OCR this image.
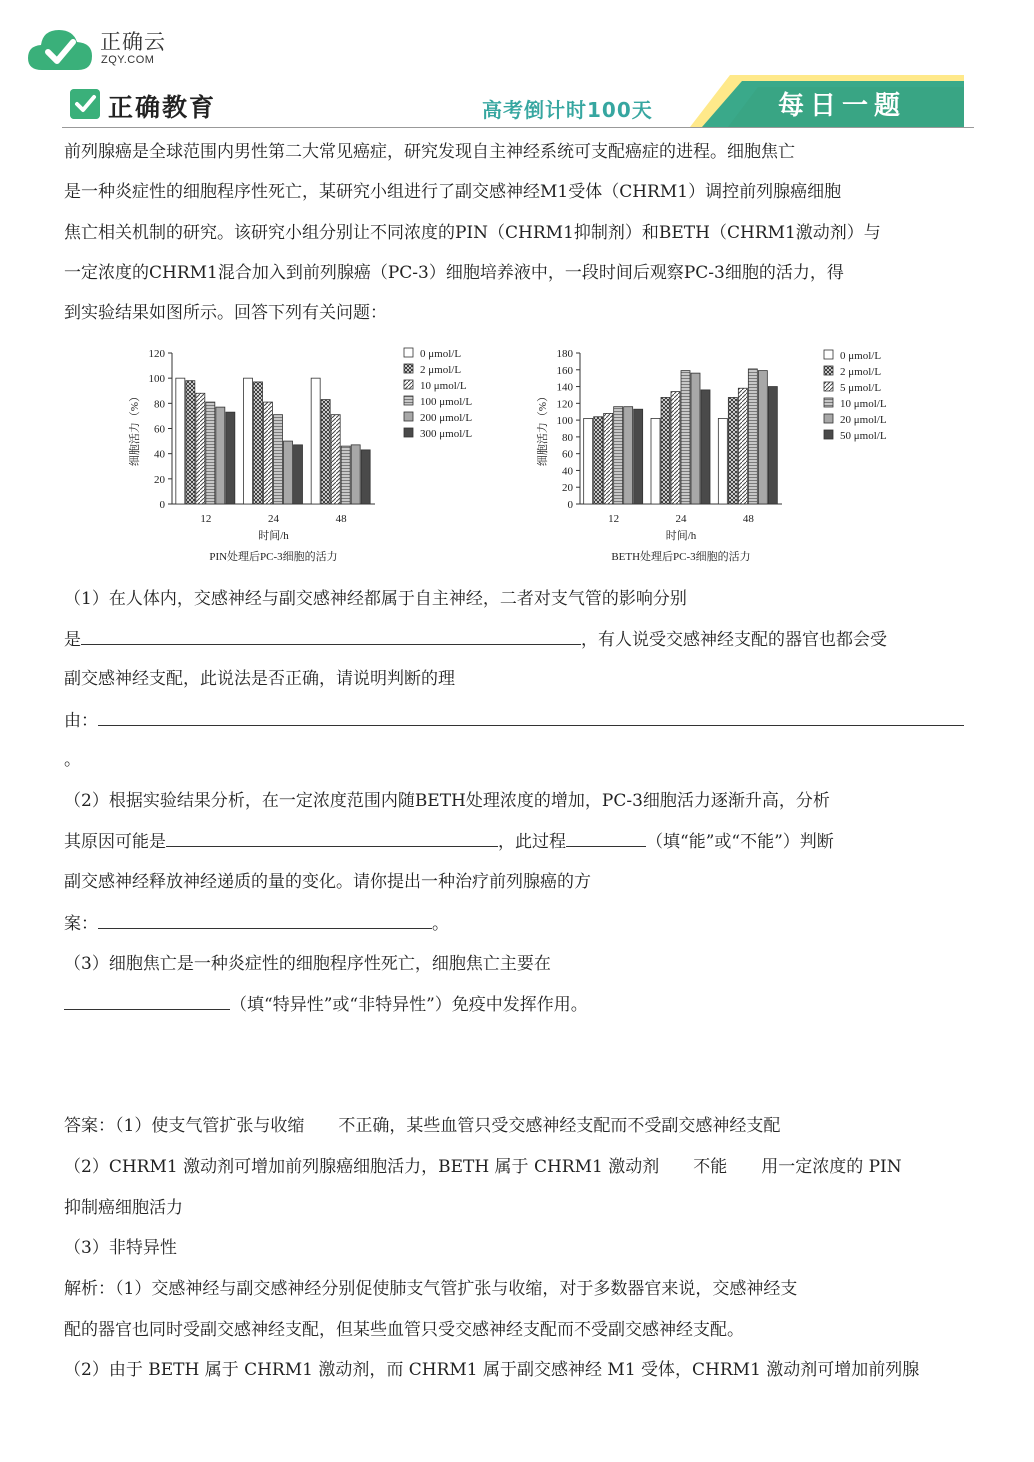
正确云
ZQY.COM
正确教育	高考倒计时100天	每日一题
前列腺癌是全球范围内男性第二大常见癌症，研究发现自主神经系统可支配癌症的进程。细胞焦亡
是一种炎症性的细胞程序性死亡，某研究小组进行了副交感神经M1受体（CHRM1）调控前列腺癌细胞
焦亡相关机制的研究。该研究小组分别让不同浓度的PIN（CHRM1抑制剂）和BETH（CHRM1激动剂）与
一定浓度的CHRM1混合加入到前列腺癌（PC-3）细胞培养液中，一段时间后观察PC-3细胞的活力，得
到实验结果如图所示。回答下列有关问题：
0
20
40
60
80
100
120
细胞活力（%）
12	24	48
时间/h
PIN处理后PC-3细胞的活力
0 μmol/L
2 μmol/L
10 μmol/L
100 μmol/L
200 μmol/L
300 μmol/L
0
20
40
60
80
100
120
140
160
180
细胞活力（%）
12	24	48
时间/h
BETH处理后PC-3细胞的活力
0 μmol/L
2 μmol/L
5 μmol/L
10 μmol/L
20 μmol/L
50 μmol/L
（1）在人体内，交感神经与副交感神经都属于自主神经，二者对支气管的影响分别
是	，有人说受交感神经支配的器官也都会受
副交感神经支配，此说法是否正确，请说明判断的理
由：
。
（2）根据实验结果分析，在一定浓度范围内随BETH处理浓度的增加，PC-3细胞活力逐渐升高，分析
其原因可能是	，此过程	（填“能”或“不能”）判断
副交感神经释放神经递质的量的变化。请你提出一种治疗前列腺癌的方
案：	。
（3）细胞焦亡是一种炎症性的细胞程序性死亡，细胞焦亡主要在
（填“特异性”或“非特异性”）免疫中发挥作用。
答案：（1）使支气管扩张与收缩　　不正确，某些血管只受交感神经支配而不受副交感神经支配
（2）CHRM1 激动剂可增加前列腺癌细胞活力，BETH 属于 CHRM1 激动剂　　不能　　用一定浓度的 PIN
抑制癌细胞活力
（3）非特异性
解析：（1）交感神经与副交感神经分别促使肺支气管扩张与收缩，对于多数器官来说，交感神经支
配的器官也同时受副交感神经支配，但某些血管只受交感神经支配而不受副交感神经支配。
（2）由于 BETH 属于 CHRM1 激动剂，而 CHRM1 属于副交感神经 M1 受体，CHRM1 激动剂可增加前列腺
